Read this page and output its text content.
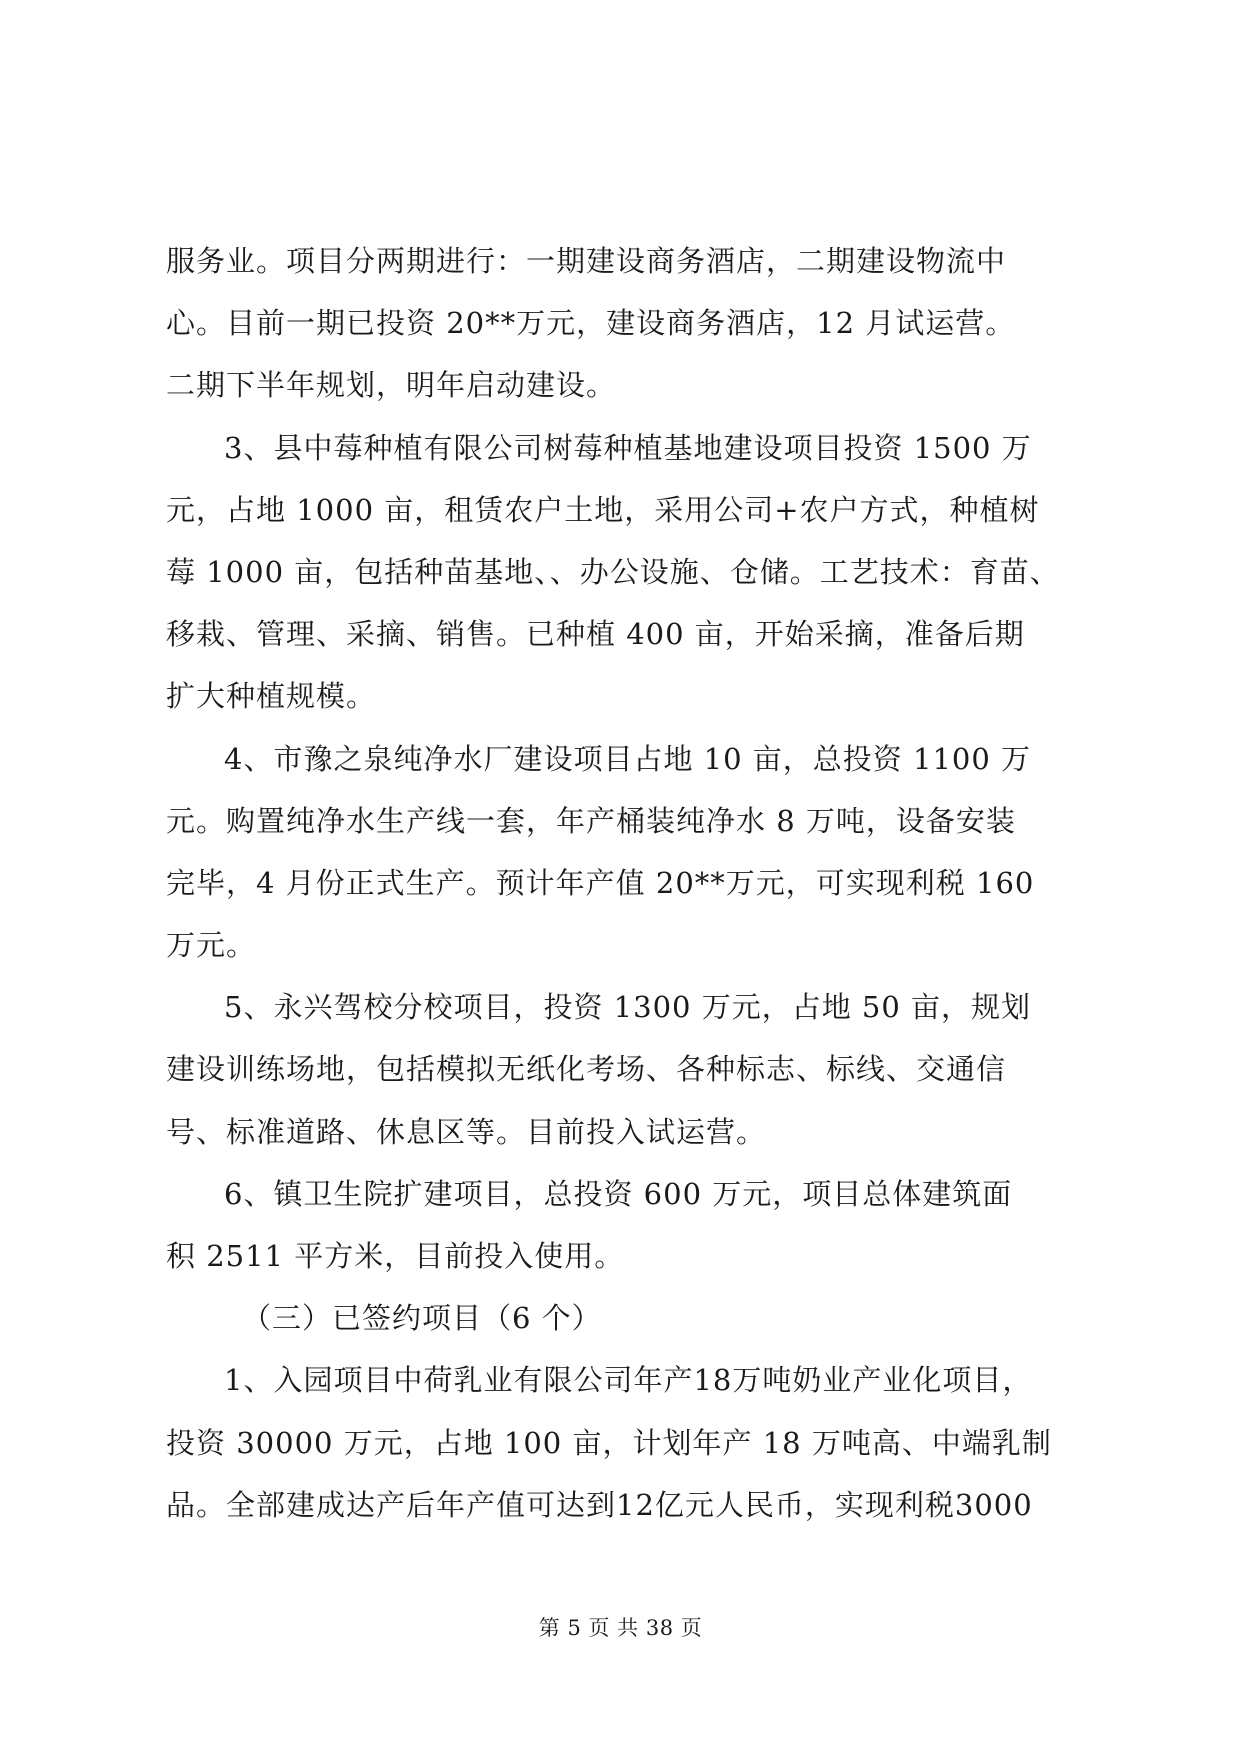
服务业。项目分两期进行：一期建设商务酒店，二期建设物流中
心。目前一期已投资 20**万元，建设商务酒店，12 月试运营。
二期下半年规划，明年启动建设。
3、县中莓种植有限公司树莓种植基地建设项目投资 1500 万
元，占地 1000 亩，租赁农户土地，采用公司+农户方式，种植树
莓 1000 亩，包括种苗基地、、办公设施、仓储。工艺技术：育苗、
移栽、管理、采摘、销售。已种植 400 亩，开始采摘，准备后期
扩大种植规模。
4、市豫之泉纯净水厂建设项目占地 10 亩，总投资 1100 万
元。购置纯净水生产线一套，年产桶装纯净水 8 万吨，设备安装
完毕，4 月份正式生产。预计年产值 20**万元，可实现利税 160
万元。
5、永兴驾校分校项目，投资 1300 万元，占地 50 亩，规划
建设训练场地，包括模拟无纸化考场、各种标志、标线、交通信
号、标准道路、休息区等。目前投入试运营。
6、镇卫生院扩建项目，总投资 600 万元，项目总体建筑面
积 2511 平方米，目前投入使用。
（三）已签约项目（6 个）
1、入园项目中荷乳业有限公司年产18万吨奶业产业化项目，
投资 30000 万元，占地 100 亩，计划年产 18 万吨高、中端乳制
品。全部建成达产后年产值可达到12亿元人民币，实现利税3000
第 5 页 共 38 页
